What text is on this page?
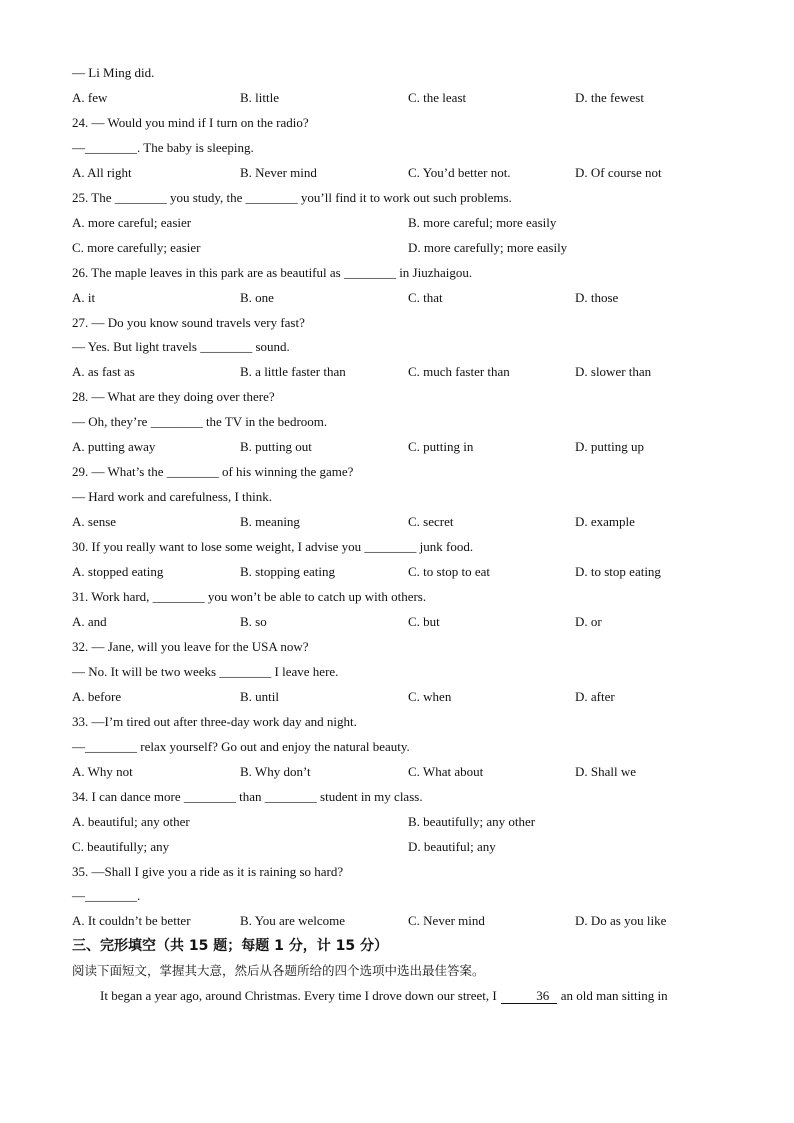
— Li Ming did.
A. few	B. little	C. the least	D. the fewest
24. — Would you mind if I turn on the radio?
—________. The baby is sleeping.
A. All right	B. Never mind	C. You’d better not.	D. Of course not
25. The ________ you study, the ________ you’ll find it to work out such problems.
A. more careful; easier	B. more careful; more easily
C. more carefully; easier	D. more carefully; more easily
26. The maple leaves in this park are as beautiful as ________ in Jiuzhaigou.
A. it	B. one	C. that	D. those
27. — Do you know sound travels very fast?
— Yes. But light travels ________ sound.
A. as fast as	B. a little faster than	C. much faster than	D. slower than
28. — What are they doing over there?
— Oh, they’re ________ the TV in the bedroom.
A. putting away	B. putting out	C. putting in	D. putting up
29. — What’s the ________ of his winning the game?
— Hard work and carefulness, I think.
A. sense	B. meaning	C. secret	D. example
30. If you really want to lose some weight, I advise you ________ junk food.
A. stopped eating	B. stopping eating	C. to stop to eat	D. to stop eating
31. Work hard, ________ you won’t be able to catch up with others.
A. and	B. so	C. but	D. or
32. — Jane, will you leave for the USA now?
— No. It will be two weeks ________ I leave here.
A. before	B. until	C. when	D. after
33. —I’m tired out after three-day work day and night.
—________ relax yourself? Go out and enjoy the natural beauty.
A. Why not	B. Why don’t	C. What about	D. Shall we
34. I can dance more ________ than ________ student in my class.
A. beautiful; any other	B. beautifully; any other
C. beautifully; any	D. beautiful; any
35. —Shall I give you a ride as it is raining so hard?
—________.
A. It couldn’t be better	B. You are welcome	C. Never mind	D. Do as you like
三、完形填空（共 15 题；每题 1 分，计 15 分）
阅读下面短文，掌握其大意，然后从各题所给的四个选项中选出最佳答案。
It began a year ago, around Christmas. Every time I drove down our street, I	36 an old man sitting in
